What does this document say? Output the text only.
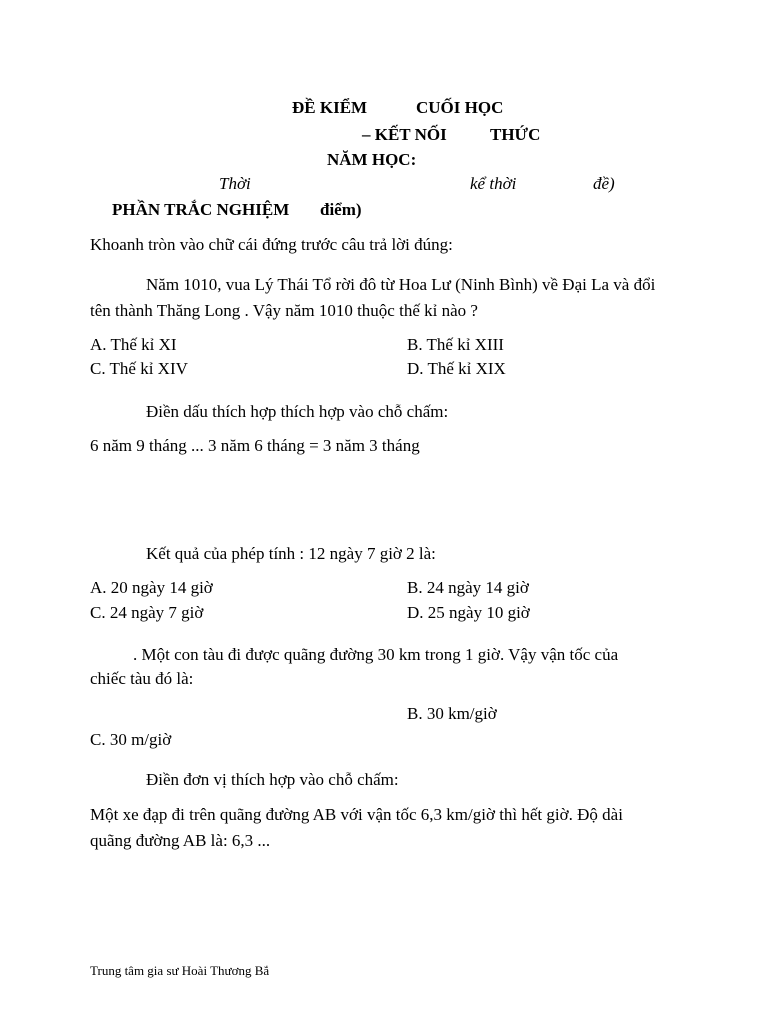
ĐỀ KIỂM	CUỐI HỌC
– KẾT NỐI	THỨC
NĂM HỌC:
Thời	kể thời	đề)
PHẦN TRẮC NGHIỆM điểm)
Khoanh tròn vào chữ cái đứng trước câu trả lời đúng:
Năm 1010, vua Lý Thái Tổ rời đô từ Hoa Lư (Ninh Bình) về Đại La và đổi
tên thành Thăng Long . Vậy năm 1010 thuộc thế kỉ nào ?
A. Thế kỉ XI	B. Thế kỉ XIII
C. Thế kỉ XIV	D. Thế kỉ XIX
Điền dấu thích hợp thích hợp vào chỗ chấm:
6 năm 9 tháng ... 3 năm 6 tháng = 3 năm 3 tháng
Kết quả của phép tính : 12 ngày 7 giờ 2 là:
A. 20 ngày 14 giờ	B. 24 ngày 14 giờ
C. 24 ngày 7 giờ	D. 25 ngày 10 giờ
. Một con tàu đi được quãng đường 30 km trong 1 giờ. Vậy vận tốc của
chiếc tàu đó là:
B. 30 km/giờ
C. 30 m/giờ
Điền đơn vị thích hợp vào chỗ chấm:
Một xe đạp đi trên quãng đường AB với vận tốc 6,3 km/giờ thì hết giờ. Độ dài
quãng đường AB là: 6,3 ...
Trung tâm gia sư Hoài Thương Bắ
